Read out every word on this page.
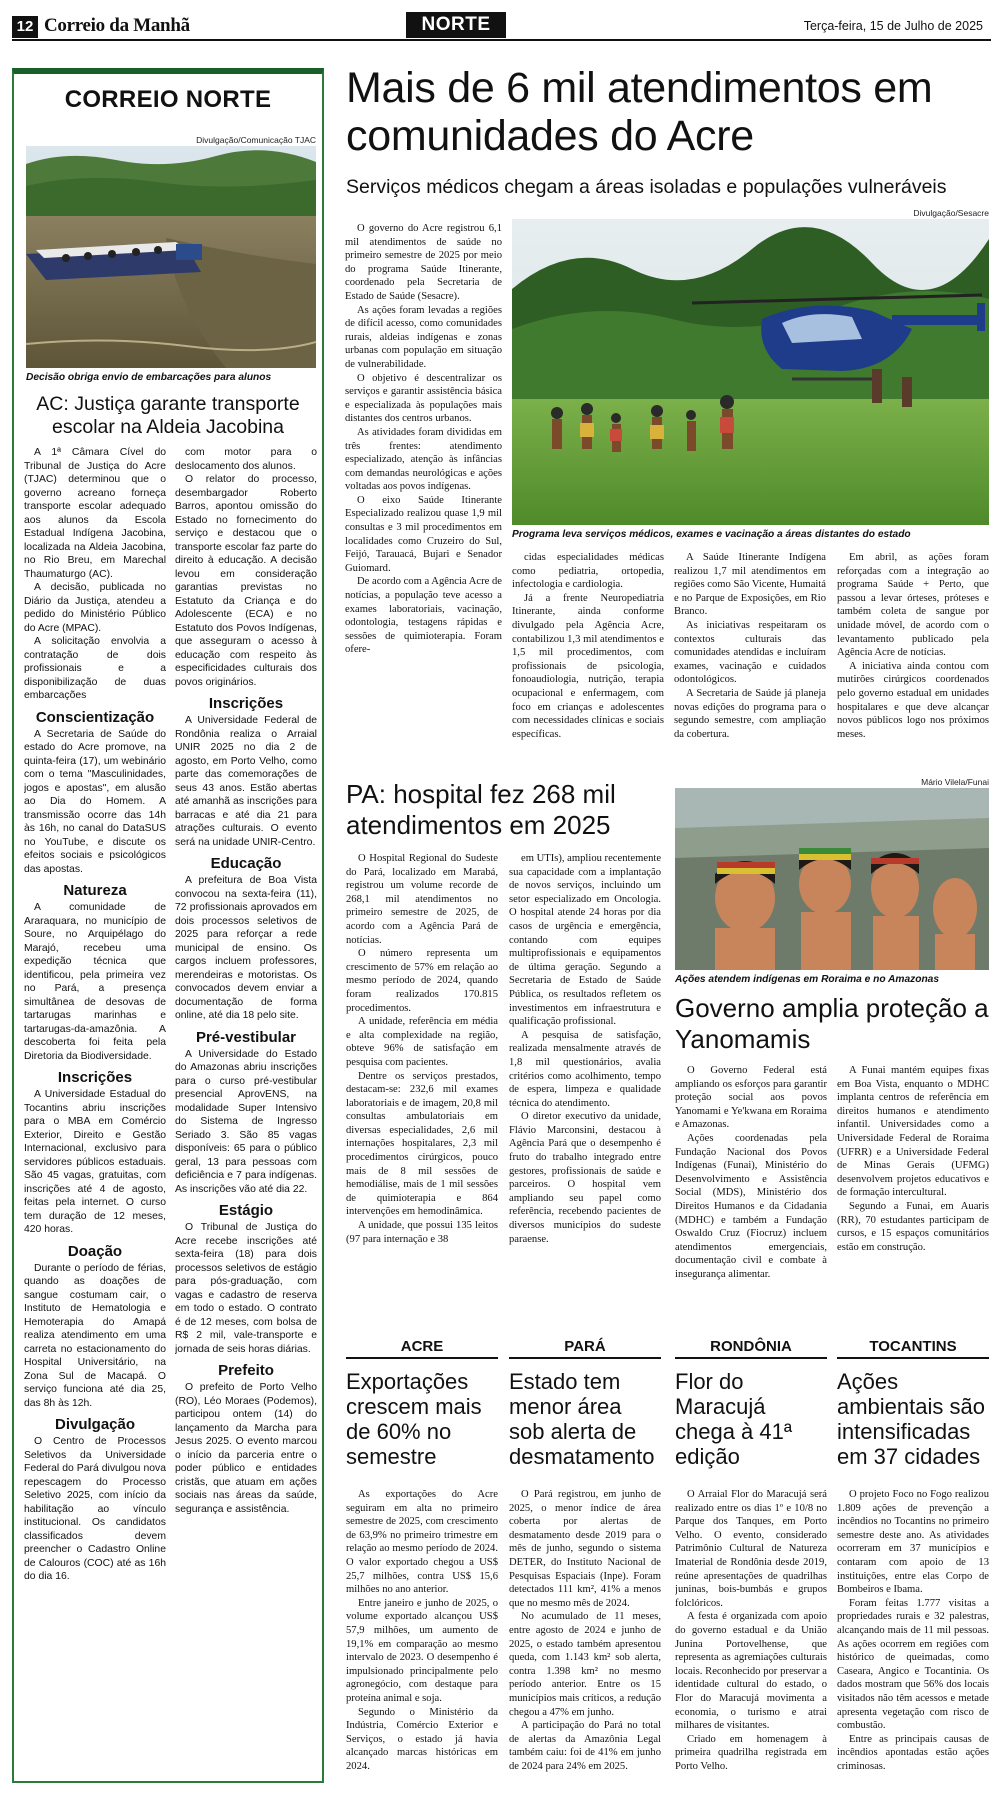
12 Correio da Manhã	NORTE	Terça-feira, 15 de Julho de 2025
CORREIO NORTE
Divulgação/Comunicação TJAC
Decisão obriga envio de embarcações para alunos
AC: Justiça garante transporte escolar na Aldeia Jacobina

A 1ª Câmara Cível do Tribunal de Justiça do Acre (TJAC) determinou que o governo acreano forneça transporte escolar adequado aos alunos da Escola Estadual Indígena Jacobina, localizada na Aldeia Jacobina, no Rio Breu, em Marechal Thaumaturgo (AC).

A decisão, publicada no Diário da Justiça, atendeu a pedido do Ministério Público do Acre (MPAC).

A solicitação envolvia a contratação de dois profissionais e a disponibilização de duas embarcações

Conscientização

A Secretaria de Saúde do estado do Acre promove, na quinta-feira (17), um webinário com o tema "Masculinidades, jogos e apostas", em alusão ao Dia do Homem. A transmissão ocorre das 14h às 16h, no canal do DataSUS no YouTube, e discute os efeitos sociais e psicológicos das apostas.

Natureza

A comunidade de Araraquara, no município de Soure, no Arquipélago do Marajó, recebeu uma expedição técnica que identificou, pela primeira vez no Pará, a presença simultânea de desovas de tartarugas marinhas e tartarugas-da-amazônia. A descoberta foi feita pela Diretoria da Biodiversidade.

Inscrições

A Universidade Estadual do Tocantins abriu inscrições para o MBA em Comércio Exterior, Direito e Gestão Internacional, exclusivo para servidores públicos estaduais. São 45 vagas, gratuitas, com inscrições até 4 de agosto, feitas pela internet. O curso tem duração de 12 meses, 420 horas.

Doação

Durante o período de férias, quando as doações de sangue costumam cair, o Instituto de Hematologia e Hemoterapia do Amapá realiza atendimento em uma carreta no estacionamento do Hospital Universitário, na Zona Sul de Macapá. O serviço funciona até dia 25, das 8h às 12h.

Divulgação

O Centro de Processos Seletivos da Universidade Federal do Pará divulgou nova repescagem do Processo Seletivo 2025, com início da habilitação ao vínculo institucional. Os candidatos classificados devem preencher o Cadastro Online de Calouros (COC) até as 16h do dia 16.

com motor para o deslocamento dos alunos.

O relator do processo, desembargador Roberto Barros, apontou omissão do Estado no fornecimento do serviço e destacou que o transporte escolar faz parte do direito à educação. A decisão levou em consideração garantias previstas no Estatuto da Criança e do Adolescente (ECA) e no Estatuto dos Povos Indígenas, que asseguram o acesso à educação com respeito às especificidades culturais dos povos originários.

Inscrições

A Universidade Federal de Rondônia realiza o Arraial UNIR 2025 no dia 2 de agosto, em Porto Velho, como parte das comemorações de seus 43 anos. Estão abertas até amanhã as inscrições para barracas e até dia 21 para atrações culturais. O evento será na unidade UNIR-Centro.

Educação

A prefeitura de Boa Vista convocou na sexta-feira (11), 72 profissionais aprovados em dois processos seletivos de 2025 para reforçar a rede municipal de ensino. Os cargos incluem professores, merendeiras e motoristas. Os convocados devem enviar a documentação de forma online, até dia 18 pelo site.

Pré-vestibular

A Universidade do Estado do Amazonas abriu inscrições para o curso pré-vestibular presencial AprovENS, na modalidade Super Intensivo do Sistema de Ingresso Seriado 3. São 85 vagas disponíveis: 65 para o público geral, 13 para pessoas com deficiência e 7 para indígenas. As inscrições vão até dia 22.

Estágio

O Tribunal de Justiça do Acre recebe inscrições até sexta-feira (18) para dois processos seletivos de estágio para pós-graduação, com vagas e cadastro de reserva em todo o estado. O contrato é de 12 meses, com bolsa de R$ 2 mil, vale-transporte e jornada de seis horas diárias.

Prefeito

O prefeito de Porto Velho (RO), Léo Moraes (Podemos), participou ontem (14) do lançamento da Marcha para Jesus 2025. O evento marcou o início da parceria entre o poder público e entidades cristãs, que atuam em ações sociais nas áreas da saúde, segurança e assistência.

Mais de 6 mil atendimentos em comunidades do Acre
Serviços médicos chegam a áreas isoladas e populações vulneráveis

O governo do Acre registrou 6,1 mil atendimentos de saúde no primeiro semestre de 2025 por meio do programa Saúde Itinerante, coordenado pela Secretaria de Estado de Saúde (Sesacre).

As ações foram levadas a regiões de difícil acesso, como comunidades rurais, aldeias indígenas e zonas urbanas com população em situação de vulnerabilidade.

O objetivo é descentralizar os serviços e garantir assistência básica e especializada às populações mais distantes dos centros urbanos.

As atividades foram divididas em três frentes: atendimento especializado, atenção às infâncias com demandas neurológicas e ações voltadas aos povos indígenas.

O eixo Saúde Itinerante Especializado realizou quase 1,9 mil consultas e 3 mil procedimentos em localidades como Cruzeiro do Sul, Feijó, Tarauacá, Bujari e Senador Guiomard.

De acordo com a Agência Acre de notícias, a população teve acesso a exames laboratoriais, vacinação, odontologia, testagens rápidas e sessões de quimioterapia. Foram ofere-

Divulgação/Sesacre
Programa leva serviços médicos, exames e vacinação a áreas distantes do estado

cidas especialidades médicas como pediatria, ortopedia, infectologia e cardiologia.

Já a frente Neuropediatria Itinerante, ainda conforme divulgado pela Agência Acre, contabilizou 1,3 mil atendimentos e 1,5 mil procedimentos, com profissionais de psicologia, fonoaudiologia, nutrição, terapia ocupacional e enfermagem, com foco em crianças e adolescentes com necessidades clínicas e sociais específicas.

A Saúde Itinerante Indígena realizou 1,7 mil atendimentos em regiões como São Vicente, Humaitá e no Parque de Exposições, em Rio Branco.

As iniciativas respeitaram os contextos culturais das comunidades atendidas e incluíram exames, vacinação e cuidados odontológicos.

A Secretaria de Saúde já planeja novas edições do programa para o segundo semestre, com ampliação da cobertura.

Em abril, as ações foram reforçadas com a integração ao programa Saúde + Perto, que passou a levar órteses, próteses e também coleta de sangue por unidade móvel, de acordo com o levantamento publicado pela Agência Acre de notícias.

A iniciativa ainda contou com mutirões cirúrgicos coordenados pelo governo estadual em unidades hospitalares e que deve alcançar novos públicos logo nos próximos meses.

PA: hospital fez 268 mil atendimentos em 2025

O Hospital Regional do Sudeste do Pará, localizado em Marabá, registrou um volume recorde de 268,1 mil atendimentos no primeiro semestre de 2025, de acordo com a Agência Pará de notícias.

O número representa um crescimento de 57% em relação ao mesmo período de 2024, quando foram realizados 170.815 procedimentos.

A unidade, referência em média e alta complexidade na região, obteve 96% de satisfação em pesquisa com pacientes.

Dentre os serviços prestados, destacam-se: 232,6 mil exames laboratoriais e de imagem, 20,8 mil consultas ambulatoriais em diversas especialidades, 2,6 mil internações hospitalares, 2,3 mil procedimentos cirúrgicos, pouco mais de 8 mil sessões de hemodiálise, mais de 1 mil sessões de quimioterapia e 864 intervenções em hemodinâmica.

A unidade, que possui 135 leitos (97 para internação e 38

em UTIs), ampliou recentemente sua capacidade com a implantação de novos serviços, incluindo um setor especializado em Oncologia. O hospital atende 24 horas por dia casos de urgência e emergência, contando com equipes multiprofissionais e equipamentos de última geração. Segundo a Secretaria de Estado de Saúde Pública, os resultados refletem os investimentos em infraestrutura e qualificação profissional.

A pesquisa de satisfação, realizada mensalmente através de 1,8 mil questionários, avalia critérios como acolhimento, tempo de espera, limpeza e qualidade técnica do atendimento.

O diretor executivo da unidade, Flávio Marconsini, destacou à Agência Pará que o desempenho é fruto do trabalho integrado entre gestores, profissionais de saúde e parceiros. O hospital vem ampliando seu papel como referência, recebendo pacientes de diversos municípios do sudeste paraense.

Mário Vilela/Funai
Ações atendem indígenas em Roraima e no Amazonas
Governo amplia proteção a Yanomamis

O Governo Federal está ampliando os esforços para garantir proteção social aos povos Yanomami e Ye'kwana em Roraima e Amazonas.

Ações coordenadas pela Fundação Nacional dos Povos Indígenas (Funai), Ministério do Desenvolvimento e Assistência Social (MDS), Ministério dos Direitos Humanos e da Cidadania (MDHC) e também a Fundação Oswaldo Cruz (Fiocruz) incluem atendimentos emergenciais, documentação civil e combate à insegurança alimentar.

A Funai mantém equipes fixas em Boa Vista, enquanto o MDHC implanta centros de referência em direitos humanos e atendimento infantil. Universidades como a Universidade Federal de Roraima (UFRR) e a Universidade Federal de Minas Gerais (UFMG) desenvolvem projetos educativos e de formação intercultural.

Segundo a Funai, em Auaris (RR), 70 estudantes participam de cursos, e 15 espaços comunitários estão em construção.

ACRE
Exportações crescem mais de 60% no semestre

As exportações do Acre seguiram em alta no primeiro semestre de 2025, com crescimento de 63,9% no primeiro trimestre em relação ao mesmo período de 2024. O valor exportado chegou a US$ 25,7 milhões, contra US$ 15,6 milhões no ano anterior.

Entre janeiro e junho de 2025, o volume exportado alcançou US$ 57,9 milhões, um aumento de 19,1% em comparação ao mesmo intervalo de 2023. O desempenho é impulsionado principalmente pelo agronegócio, com destaque para proteína animal e soja.

Segundo o Ministério da Indústria, Comércio Exterior e Serviços, o estado já havia alcançado marcas históricas em 2024.

PARÁ
Estado tem menor área sob alerta de desmatamento

O Pará registrou, em junho de 2025, o menor índice de área coberta por alertas de desmatamento desde 2019 para o mês de junho, segundo o sistema DETER, do Instituto Nacional de Pesquisas Espaciais (Inpe). Foram detectados 111 km², 41% a menos que no mesmo mês de 2024.

No acumulado de 11 meses, entre agosto de 2024 e junho de 2025, o estado também apresentou queda, com 1.143 km² sob alerta, contra 1.398 km² no mesmo período anterior. Entre os 15 municípios mais críticos, a redução chegou a 47% em junho.

A participação do Pará no total de alertas da Amazônia Legal também caiu: foi de 41% em junho de 2024 para 24% em 2025.

RONDÔNIA
Flor do Maracujá chega à 41ª edição

O Arraial Flor do Maracujá será realizado entre os dias 1º e 10/8 no Parque dos Tanques, em Porto Velho. O evento, considerado Patrimônio Cultural de Natureza Imaterial de Rondônia desde 2019, reúne apresentações de quadrilhas juninas, bois-bumbás e grupos folclóricos.

A festa é organizada com apoio do governo estadual e da União Junina Portovelhense, que representa as agremiações culturais locais. Reconhecido por preservar a identidade cultural do estado, o Flor do Maracujá movimenta a economia, o turismo e atrai milhares de visitantes.

Criado em homenagem à primeira quadrilha registrada em Porto Velho.

TOCANTINS
Ações ambientais são intensificadas em 37 cidades

O projeto Foco no Fogo realizou 1.809 ações de prevenção a incêndios no Tocantins no primeiro semestre deste ano. As atividades ocorreram em 37 municípios e contaram com apoio de 13 instituições, entre elas Corpo de Bombeiros e Ibama.

Foram feitas 1.777 visitas a propriedades rurais e 32 palestras, alcançando mais de 11 mil pessoas. As ações ocorrem em regiões com histórico de queimadas, como Caseara, Angico e Tocantinia. Os dados mostram que 56% dos locais visitados não têm acessos e metade apresenta vegetação com risco de combustão.

Entre as principais causas de incêndios apontadas estão ações criminosas.
